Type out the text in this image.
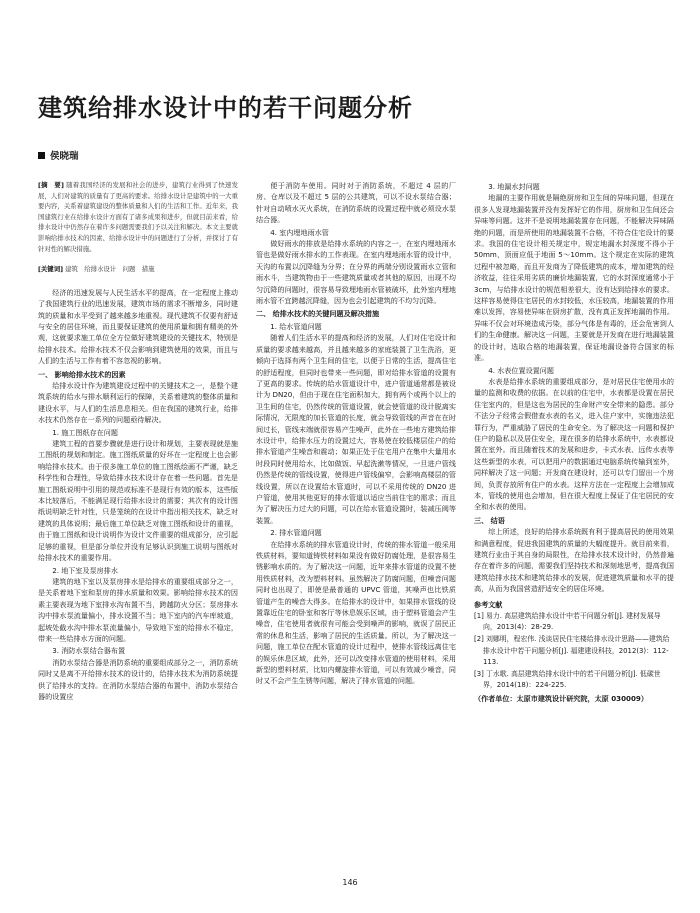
建筑给排水设计中的若干问题分析
侯晓瑞

[摘　要] 随着我国经济的发展和社会的进步，建筑行业得到了快速发展，人们对建筑的质量有了更高的要求。给排水设计是建筑中的一大重要内容，关系着建筑建设的整体质量和人们的生活和工作。近年来，我国建筑行业在给排水设计方面有了诸多成果和进步，但就目前来看，给排水设计中仍然存在着许多问题需要我们予以关注和解决。本文主要就影响给排水技术的因素、给排水设计中的问题进行了分析，并探讨了有针对性的解决措施。

[关键词] 建筑　给排水设计　问题　措施

经济的迅速发展与人民生活水平的提高，在一定程度上推动了我国建筑行业的迅速发展，建筑市场的需求不断增多，同时建筑的质量和水平受到了越来越多地重视。现代建筑不仅要有舒适与安全的居住环境，而且要保证建筑的使用质量和拥有精美的外观，这就要求施工单位全方位做好建筑建设的关键技术，特别是给排水技术。给排水技术不仅会影响到建筑使用的效果，而且与人们的生活与工作有着不容忽视的影响。

一、 影响给排水技术的因素

给排水设计作为建筑建设过程中的关键技术之一，是整个建筑系统的给水与排水顺利运行的保障，关系着建筑的整体质量和建设水平，与人们的生活息息相关。但在我国的建筑行业，给排水技术仍然存在一系列的问题亟待解决。

1. 施工图纸存在问题

建筑工程的首要步骤就是进行设计和规划，主要表现就是施工图纸的规划和制定。施工图纸质量的好坏在一定程度上也会影响给排水技术。由于很多施工单位的施工图纸绘画不严谨，缺乏科学性和合理性，导致给排水技术设计存在着一些问题。首先是施工图纸说明中引用的规范或标准不是现行有效的版本，这些版本比较落后，不能满足现行给排水设计的需要；其次有的设计图纸说明缺乏针对性，只是笼统的在设计中指出相关技术，缺乏对建筑的具体说明；最后施工单位缺乏对施工图纸和设计的重视，由于施工图纸和设计说明作为设计文件重要的组成部分，应引起足够的重视，但是部分单位并没有足够认识到施工说明与图纸对给排水技术的重要作用。

2. 地下室及泵房排水

建筑的地下室以及泵房排水是给排水的重要组成部分之一，是关系着地下室和泵房的排水质量和效果。影响给排水技术的因素主要表现为地下室排水沟布置不当，跨越防火分区；泵房排水沟中排水泵流量偏小，排水设置不当；地下室内的汽车库坡道，起坡处截水沟中排水泵流量偏小，导致地下室的给排水不稳定，带来一些给排水方面的问题。

3. 消防水泵结合器布置

消防水泵结合器是消防系统的重要组成部分之一，消防系统同时又是离不开给排水技术的设计的，给排水技术为消防系统提供了给排水的支持。在消防水泵结合器的布置中，消防水泵结合器的设置应

便于消防车使用。同时对于消防系统，不超过 4 层的厂房、仓库以及不超过 5 层的公共建筑，可以不设水泵结合器；针对自动喷水灭火系统，在消防系统的设置过程中就必须设水泵结合器。

4. 室内埋地雨水管

做好雨水的排放是给排水系统的内容之一，在室内埋地雨水管也是做好雨水排水的工作表现。在室内埋地雨水管的设计中，天沟的布置以沉降缝为分界；在分界的两端分别设置雨水立管和雨水斗，当建筑物由于一些建筑质量或者其他的原因，出现不均匀沉降的问题时，很容易导致埋地雨水管被破坏，此外室内埋地雨水管不宜跨越沉降缝，因为也会引起建筑的不均匀沉降。

二、 给排水技术的关键问题及解决措施

1. 给水管道问题

随着人们生活水平的提高和经济的发展，人们对住宅设计和质量的要求越来越高，并且越来越多的家庭装置了卫生洗浴，更倾向于选择有两个卫生间的住宅，以便于日常的生活，提高住宅的舒适程度，但同时也带来一些问题，即对给排水管道的设置有了更高的要求。传统的给水管道设计中，进户管道通常都是被设计为 DN20，但由于现在住宅面积加大，拥有两个或两个以上的卫生间的住宅，仍然传统的管道设置，就会使管道的设计脱离实际情况，无限度的加长管道的长度，就会导致管线的声音在在时间过长，管线末端就很容易产生噪声，此外在一些地方建筑给排水设计中，给排水压力的设置过大，容易使在较低楼层住户的给排水管道产生噪音和震动；如果正处于住宅用户在集中大量用水时段同时使用给水，比如做饭、早起洗漱等情况，一旦进户管线仍然是传统的管线设置，使得进户管线偏窄，会影响高楼层的管线设置，所以在设置给水管道时，可以不采用传统的 DN20 进户管道，使用其他更好的排水管道以适应当前住宅的需求；而且为了解决压力过大的问题，可以在给水管道设置时，装减压阀等装置。

2. 排水管道问题

在给排水系统的排水管道设计时，传统的排水管道一般采用铁质材料，要知道铸铁材料如果没有做好防腐处理，是很容易生锈影响水质的。为了解决这一问题，近年来排水管道的设置不使用铁质材料，改为塑料材料。虽然解决了防腐问题，但噪音问题同时也出现了，即使是最普通的 UPVC 管道，其噪声也比铁质管道产生的噪音大得多。在给排水的设计中，如果排水管线的设置靠近住宅的卧室和客厅等休息娱乐区域，由于塑料管道会产生噪音，住宅使用者就很有可能会受到噪声的影响，就误了居民正常的休息和生活，影响了居民的生活质量。所以，为了解决这一问题，施工单位在配水管道的设计过程中，使排水管线远离住宅的娱乐休息区域，此外，还可以改变排水管道的使用材料，采用新型的塑料材质，比如内螺旋排水管道，可以有效减少噪音，同时又不会产生生锈等问题，解决了排水管道的问题。

3. 地漏水封问题

地漏的主要作用就是隔绝厨房和卫生间的异味问题，但现在很多人发现地漏装置并没有发挥好它的作用，厨房和卫生间还会异味等问题。这并不是说明地漏装置存在问题，不能解决异味隔绝的问题，而是所使用的地漏装置不合格，不符合住宅设计的要求。我国的住宅设计相关规定中，规定地漏水封深度不得小于 50mm，顶面应低于地面 5～10mm。这个规定在实际的建筑过程中被忽略，而且开发商为了降低建筑的成本，增加建筑的经济收益，往往采用劣质的廉价地漏装置，它的水封深度通常小于 3cm，与给排水设计的规范相差很大，没有达到给排水的要求。这样容易使得住宅居民的水封较低，水压较高，地漏装置的作用难以发挥，容易使异味在厨房扩散，没有真正发挥地漏的作用。异味不仅会对环境造成污染，部分气体是有毒的，还会危害到人们的生命健康。解决这一问题，主要就是开发商在进行地漏装置的设计时，选取合格的地漏装置，保证地漏设备符合国家的标准。

4. 水表位置设置问题

水表是给排水系统的重要组成部分，是对居民住宅使用水的量的监测和收费的依据。在以前的住宅中，水表都是设置在居民住宅室内的，但是这也为居民的生命财产安全带来的隐患。部分不法分子经常会假借查水表的名义，进入住户家中，实施违法犯罪行为，严重威胁了居民的生命安全。为了解决这一问题和保护住户的隐私以及居住安全，现在很多的给排水系统中，水表都设置在室外。而且随着技术的发展和进步，卡式水表、远传水表等这些新型的水表，可以把用户的数据通过电脑系统传输到室外，同样解决了这一问题；开发商在建设时，还可以专门留出一个房间，负责存放所有住户的水表。这样方法在一定程度上会增加成本，管线的使用也会增加，但在很大程度上保证了住宅居民的安全和水表的使用。

三、 结语

综上所述，良好的给排水系统既有利于提高居民的使用效果和满意程度，促进我国建筑的质量的大幅度提升。就目前来看，建筑行业由于其自身的局限性，在给排水技术设计时，仍然普遍存在着许多的问题，需要我们坚持技术和深刻地思考，提高我国建筑给排水技术和建筑给排水的发展，促进建筑质量和水平的提高，从而为我国营造舒适安全的居住环境。

参考文献

[1] 易力. 高层建筑给排水设计中若干问题分析[J]. 建材发展导向，2013(4)：28-29.

[2] 刘娜明，程宏伟. 浅谈居民住宅楼给排水设计思路——建筑给排水设计中若干问题分析[J]. 福建建设科技，2012(3)：112-113.

[3] 丁水歌. 高层建筑给排水设计中的若干问题分析[J]. 低碳世界，2014(18)：224-225.

（作者单位：太原市建筑设计研究院，太原 030009）

146
